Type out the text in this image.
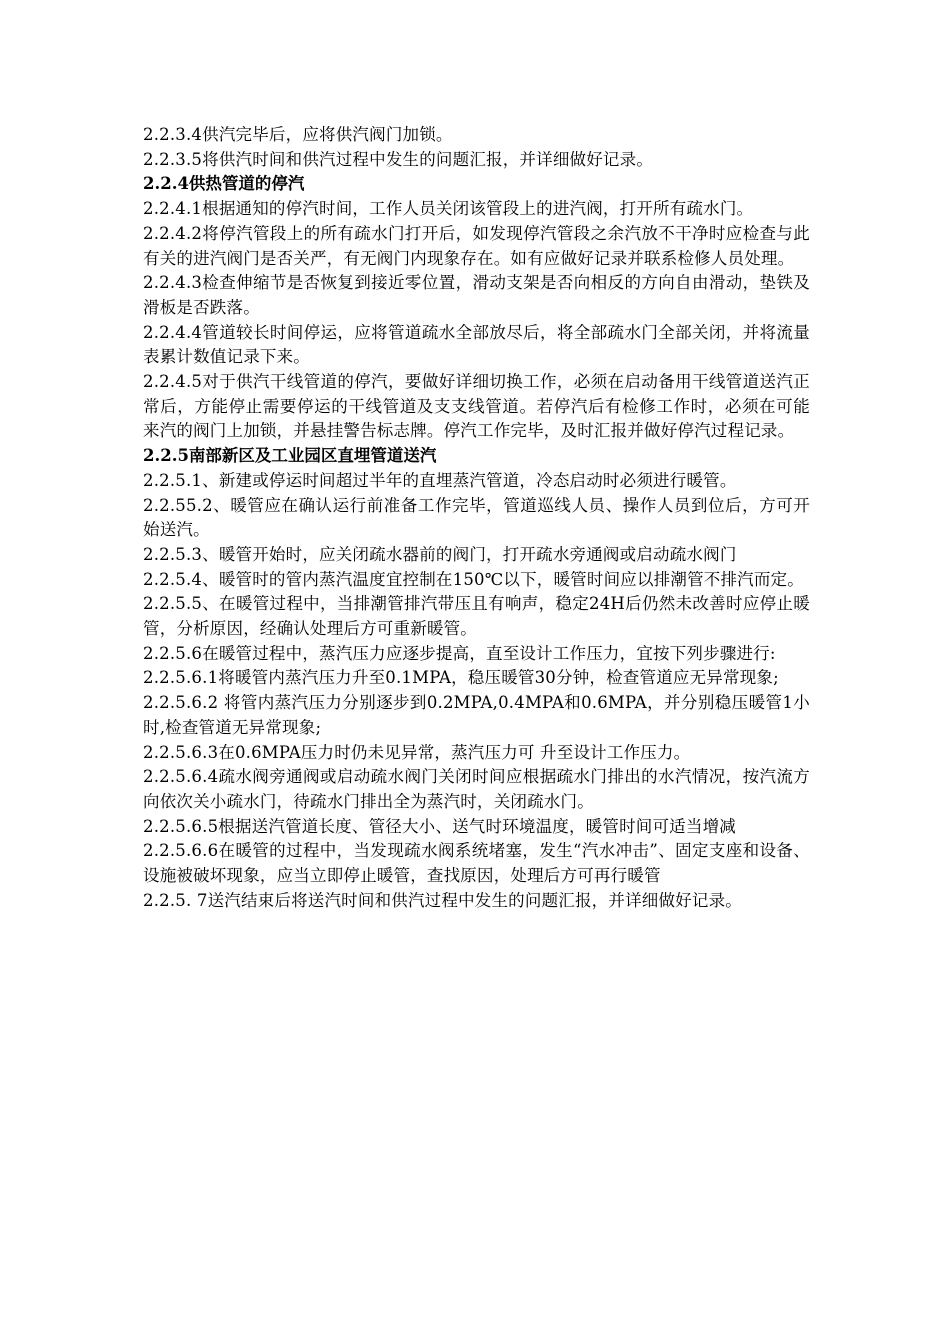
2.2.3.4供汽完毕后，应将供汽阀门加锁。

2.2.3.5将供汽时间和供汽过程中发生的问题汇报，并详细做好记录。

2.2.4供热管道的停汽

2.2.4.1根据通知的停汽时间，工作人员关闭该管段上的进汽阀，打开所有疏水门。

2.2.4.2将停汽管段上的所有疏水门打开后，如发现停汽管段之余汽放不干净时应检查与此有关的进汽阀门是否关严，有无阀门内现象存在。如有应做好记录并联系检修人员处理。

2.2.4.3检查伸缩节是否恢复到接近零位置，滑动支架是否向相反的方向自由滑动，垫铁及滑板是否跌落。

2.2.4.4管道较长时间停运，应将管道疏水全部放尽后，将全部疏水门全部关闭，并将流量表累计数值记录下来。

2.2.4.5对于供汽干线管道的停汽，要做好详细切换工作，必须在启动备用干线管道送汽正常后，方能停止需要停运的干线管道及支支线管道。若停汽后有检修工作时，必须在可能来汽的阀门上加锁，并悬挂警告标志牌。停汽工作完毕，及时汇报并做好停汽过程记录。

2.2.5南部新区及工业园区直埋管道送汽

2.2.5.1、新建或停运时间超过半年的直埋蒸汽管道，冷态启动时必须进行暖管。

2.2.55.2、暖管应在确认运行前准备工作完毕，管道巡线人员、操作人员到位后，方可开始送汽。

2.2.5.3、暖管开始时，应关闭疏水器前的阀门，打开疏水旁通阀或启动疏水阀门

2.2.5.4、暖管时的管内蒸汽温度宜控制在150℃以下，暖管时间应以排潮管不排汽而定。

2.2.5.5、在暖管过程中，当排潮管排汽带压且有响声，稳定24H后仍然未改善时应停止暖管，分析原因，经确认处理后方可重新暖管。

2.2.5.6在暖管过程中，蒸汽压力应逐步提高，直至设计工作压力，宜按下列步骤进行:

2.2.5.6.1将暖管内蒸汽压力升至0.1MPA，稳压暖管30分钟，检查管道应无异常现象;

2.2.5.6.2 将管内蒸汽压力分别逐步到0.2MPA,0.4MPA和0.6MPA，并分别稳压暖管1小时,检查管道无异常现象;

2.2.5.6.3在0.6MPA压力时仍未见异常，蒸汽压力可 升至设计工作压力。

2.2.5.6.4疏水阀旁通阀或启动疏水阀门关闭时间应根据疏水门排出的水汽情况，按汽流方向依次关小疏水门，待疏水门排出全为蒸汽时，关闭疏水门。

2.2.5.6.5根据送汽管道长度、管径大小、送气时环境温度，暖管时间可适当增减

2.2.5.6.6在暖管的过程中，当发现疏水阀系统堵塞，发生“汽水冲击”、固定支座和设备、设施被破坏现象，应当立即停止暖管，查找原因，处理后方可再行暖管

2.2.5. 7送汽结束后将送汽时间和供汽过程中发生的问题汇报，并详细做好记录。
